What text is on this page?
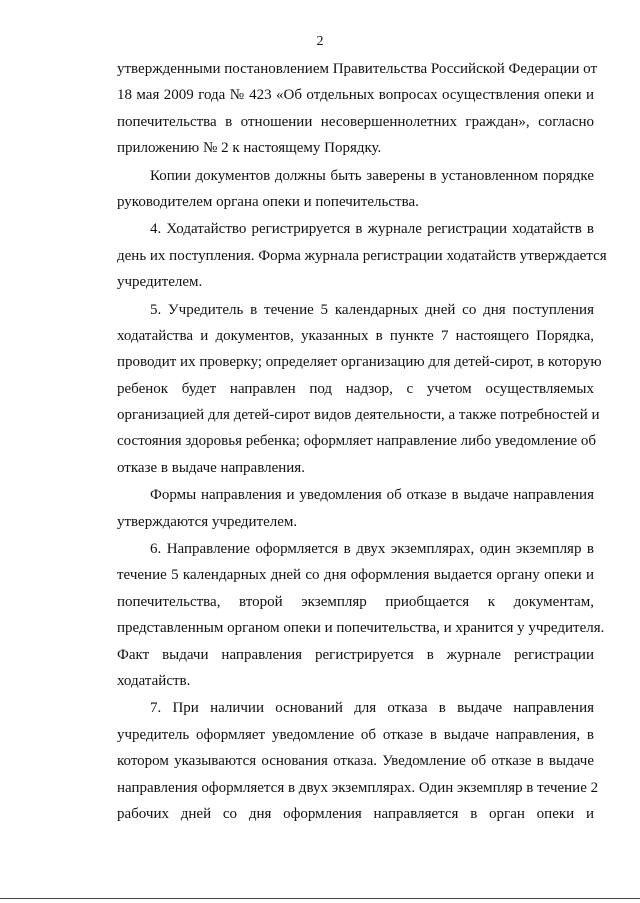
2
утвержденными постановлением Правительства Российской Федерации от
18 мая 2009 года № 423 «Об отдельных вопросах осуществления опеки и
попечительства в отношении несовершеннолетних граждан», согласно
приложению № 2 к настоящему Порядку.
Копии документов должны быть заверены в установленном порядке
руководителем органа опеки и попечительства.
4. Ходатайство регистрируется в журнале регистрации ходатайств в
день их поступления. Форма журнала регистрации ходатайств утверждается
учредителем.
5. Учредитель в течение 5 календарных дней со дня поступления
ходатайства и документов, указанных в пункте 7 настоящего Порядка,
проводит их проверку; определяет организацию для детей-сирот, в которую
ребенок будет направлен под надзор, с учетом осуществляемых
организацией для детей-сирот видов деятельности, а также потребностей и
состояния здоровья ребенка; оформляет направление либо уведомление об
отказе в выдаче направления.
Формы направления и уведомления об отказе в выдаче направления
утверждаются учредителем.
6. Направление оформляется в двух экземплярах, один экземпляр в
течение 5 календарных дней со дня оформления выдается органу опеки и
попечительства, второй экземпляр приобщается к документам,
представленным органом опеки и попечительства, и хранится у учредителя.
Факт выдачи направления регистрируется в журнале регистрации
ходатайств.
7. При наличии оснований для отказа в выдаче направления
учредитель оформляет уведомление об отказе в выдаче направления, в
котором указываются основания отказа. Уведомление об отказе в выдаче
направления оформляется в двух экземплярах. Один экземпляр в течение 2
рабочих дней со дня оформления направляется в орган опеки и
